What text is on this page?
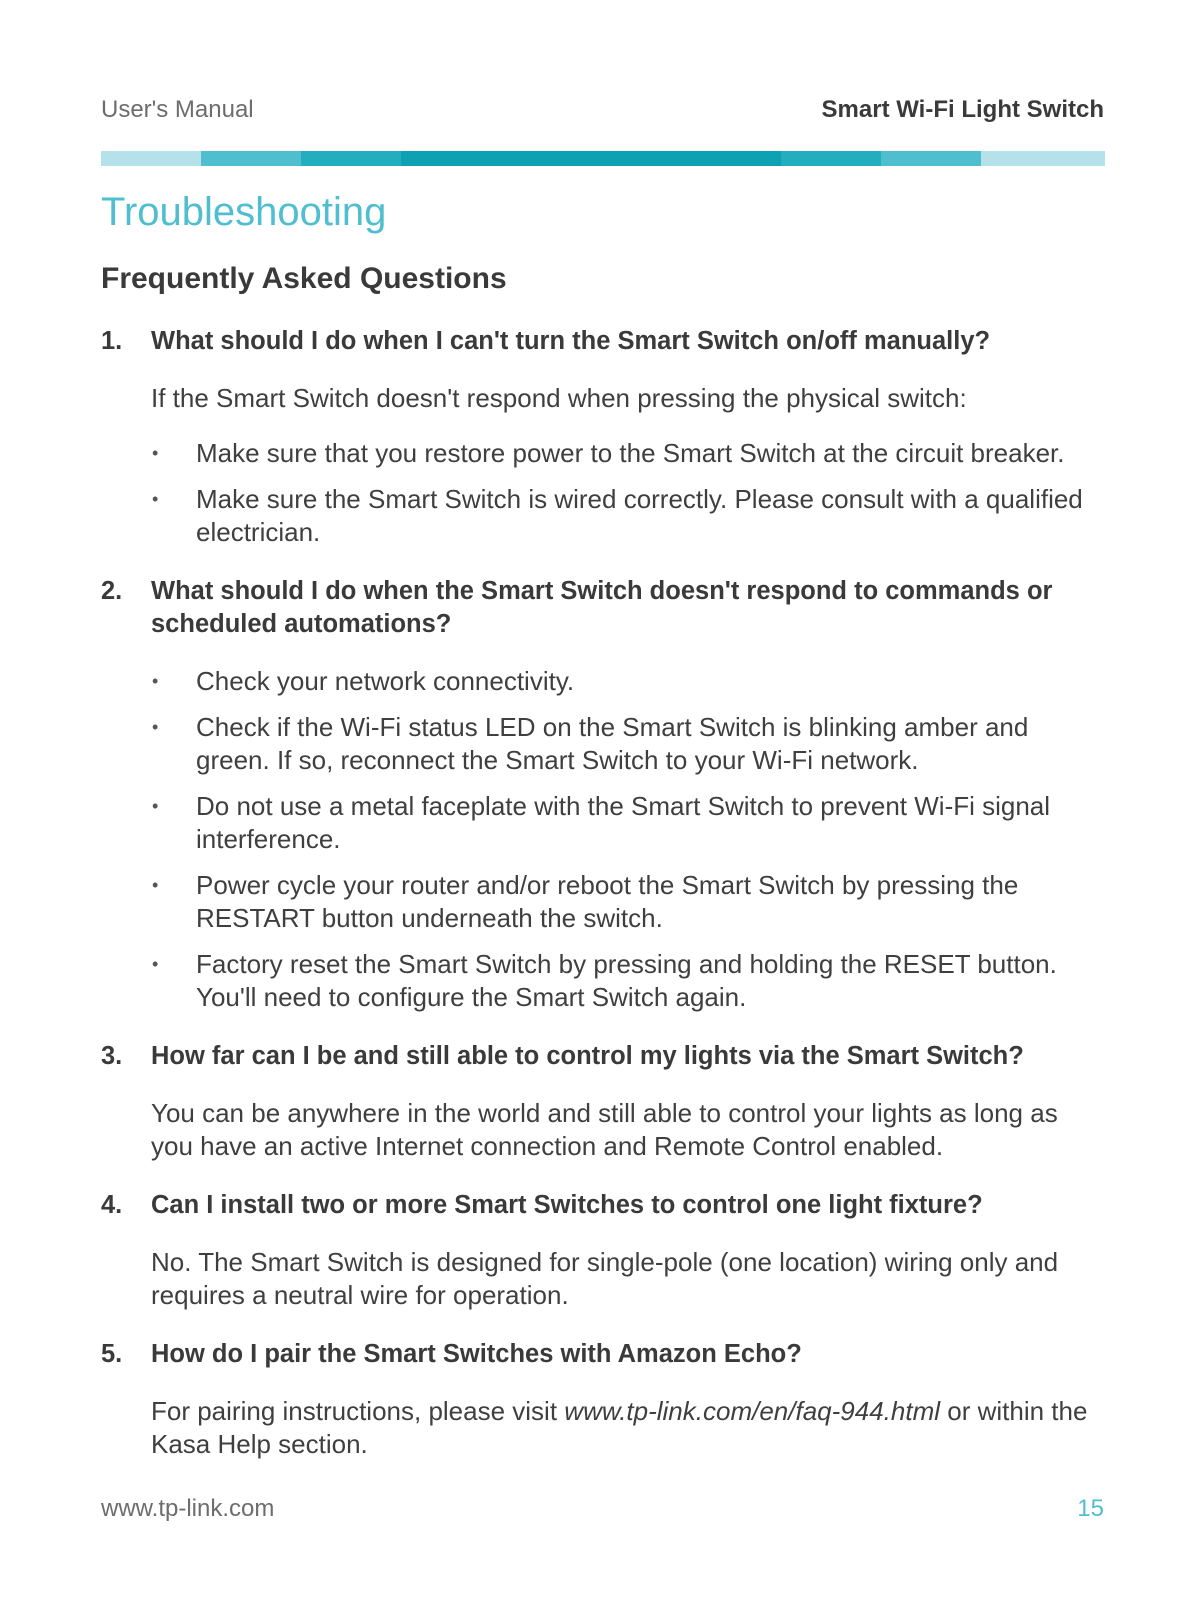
User's Manual	Smart Wi-Fi Light Switch
Troubleshooting
Frequently Asked Questions
1. What should I do when I can't turn the Smart Switch on/off manually?
If the Smart Switch doesn't respond when pressing the physical switch:
• Make sure that you restore power to the Smart Switch at the circuit breaker.
• Make sure the Smart Switch is wired correctly. Please consult with a qualified electrician.
2. What should I do when the Smart Switch doesn't respond to commands or scheduled automations?
• Check your network connectivity.
• Check if the Wi-Fi status LED on the Smart Switch is blinking amber and green. If so, reconnect the Smart Switch to your Wi-Fi network.
• Do not use a metal faceplate with the Smart Switch to prevent Wi-Fi signal interference.
• Power cycle your router and/or reboot the Smart Switch by pressing the RESTART button underneath the switch.
• Factory reset the Smart Switch by pressing and holding the RESET button. You'll need to configure the Smart Switch again.
3. How far can I be and still able to control my lights via the Smart Switch?
You can be anywhere in the world and still able to control your lights as long as you have an active Internet connection and Remote Control enabled.
4. Can I install two or more Smart Switches to control one light fixture?
No. The Smart Switch is designed for single-pole (one location) wiring only and requires a neutral wire for operation.
5. How do I pair the Smart Switches with Amazon Echo?
For pairing instructions, please visit www.tp-link.com/en/faq-944.html or within the Kasa Help section.
www.tp-link.com	15
